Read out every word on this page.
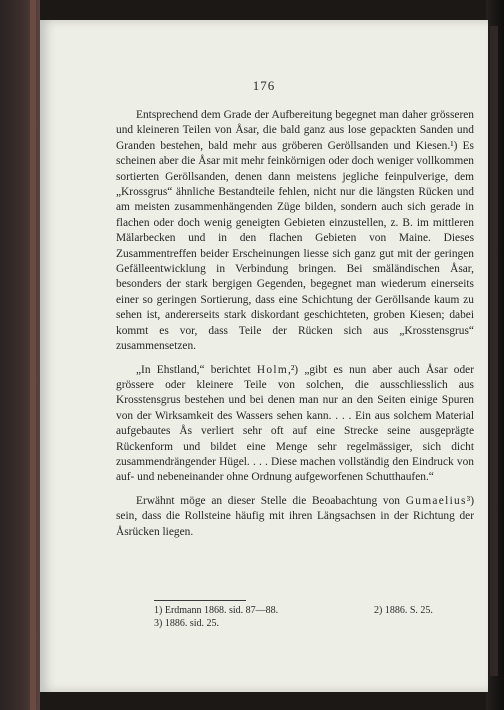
176

Entsprechend dem Grade der Aufbereitung begegnet man daher grösseren und kleineren Teilen von Åsar, die bald ganz aus lose gepackten Sanden und Granden bestehen, bald mehr aus gröberen Geröllsanden und Kiesen.¹) Es scheinen aber die Åsar mit mehr feinkörnigen oder doch weniger vollkommen sortierten Geröllsanden, denen dann meistens jegliche feinpulverige, dem „Krossgrus“ ähnliche Bestandteile fehlen, nicht nur die längsten Rücken und am meisten zusammenhängenden Züge bilden, sondern auch sich gerade in flachen oder doch wenig geneigten Gebieten einzustellen, z. B. im mittleren Mälarbecken und in den flachen Gebieten von Maine. Dieses Zusammentreffen beider Erscheinungen liesse sich ganz gut mit der geringen Gefälleentwicklung in Verbindung bringen. Bei smäländischen Åsar, besonders der stark bergigen Gegenden, begegnet man wiederum einerseits einer so geringen Sortierung, dass eine Schichtung der Geröllsande kaum zu sehen ist, andererseits stark diskordant geschichteten, groben Kiesen; dabei kommt es vor, dass Teile der Rücken sich aus „Krosstensgrus“ zusammensetzen.

„In Ehstland,“ berichtet Holm,²) „gibt es nun aber auch Åsar oder grössere oder kleinere Teile von solchen, die ausschliesslich aus Krosstensgrus bestehen und bei denen man nur an den Seiten einige Spuren von der Wirksamkeit des Wassers sehen kann. . . . Ein aus solchem Material aufgebautes Ås verliert sehr oft auf eine Strecke seine ausgeprägte Rückenform und bildet eine Menge sehr regelmässiger, sich dicht zusammendrängender Hügel. . . . Diese machen vollständig den Eindruck von auf- und nebeneinander ohne Ordnung aufgeworfenen Schutthaufen.“

Erwähnt möge an dieser Stelle die Beoabachtung von Gumaelius³) sein, dass die Rollsteine häufig mit ihren Längsachsen in der Richtung der Åsrücken liegen.

1) Erdmann 1868. sid. 87—88.	2) 1886. S. 25.
3) 1886. sid. 25.
